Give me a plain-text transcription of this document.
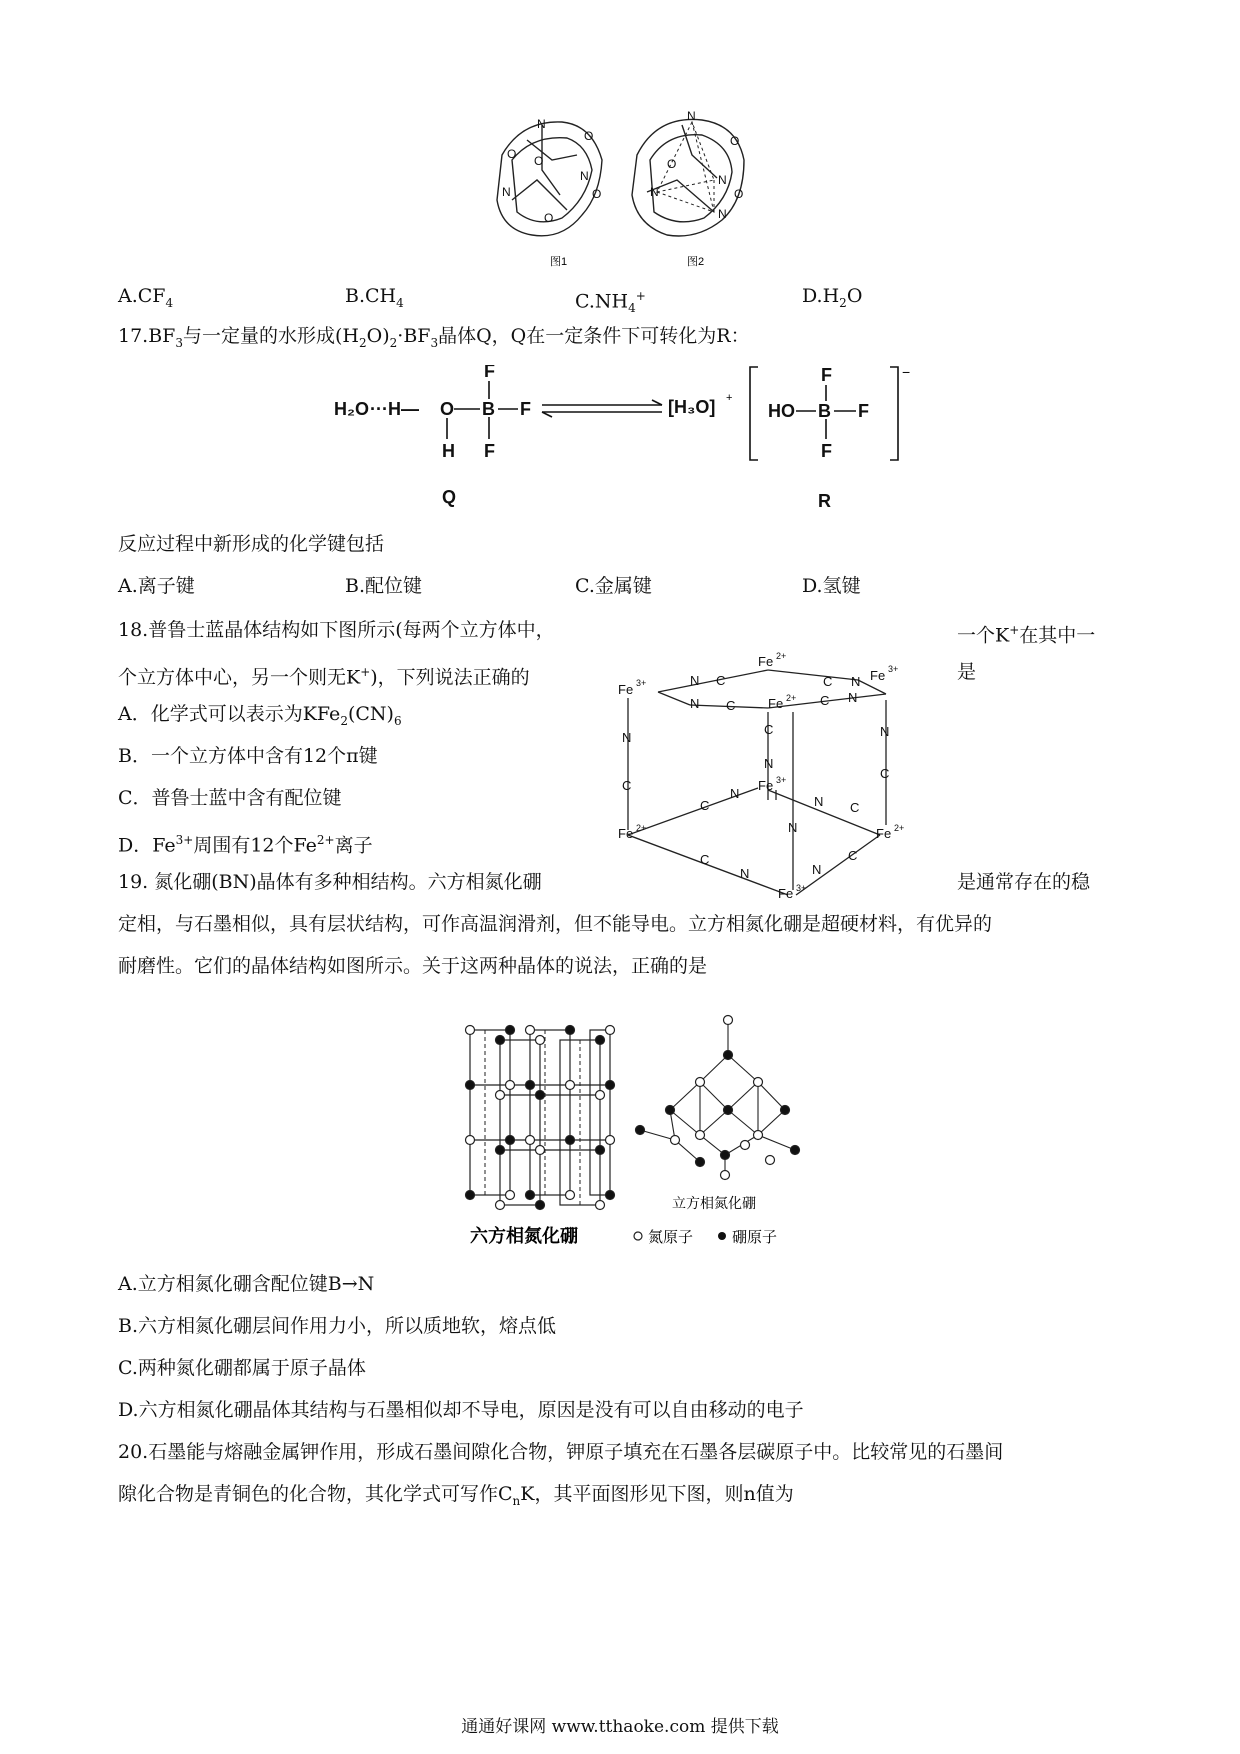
N
O
O
N
O
N
O
O
N
O
O
N
N
N
O
图1	图2
$A.CF_4$	$B.CH_4$	$C.NH_4^+$	$D.H_2O$
$17.BF_3$与一定量的水形成$(H_2O)_2\cdot BF_3$晶体Q，Q在一定条件下可转化为R：
H₂O ···H— O B
F
F
F
H
Q
[H₃O]	HO B
F
F
F
R
+
−
反应过程中新形成的化学键包括
A.离子键	B.配位键	C.金属键	D.氢键
18.普鲁士蓝晶体结构如下图所示(每两个立方体中，	一个K+在其中一
个立方体中心，另一个则无K+)，下列说法正确的	是
A．化学式可以表示为$KFe_2(CN)_6$
B．一个立方体中含有12个π键
C．普鲁士蓝中含有配位键
D．$Fe^{3+}$周围有12个$Fe^{2+}$离子
Fe 2+
Fe 3+
Fe 3+
Fe 2+
Fe 3+
Fe 2+	Fe 2+
Fe 3+
N C	C N
N C	C N
N
C
N
C
C
N
N
C
N
N C
C
N	N
C
19. 氮化硼(BN)晶体有多种相结构。六方相氮化硼	是通常存在的稳
定相，与石墨相似，具有层状结构，可作高温润滑剂，但不能导电。立方相氮化硼是超硬材料，有优异的
耐磨性。它们的晶体结构如图所示。关于这两种晶体的说法，正确的是
立方相氮化硼
六方相氮化硼	氮原子	硼原子
A.立方相氮化硼含配位键B→N
B.六方相氮化硼层间作用力小，所以质地软，熔点低
C.两种氮化硼都属于原子晶体
D.六方相氮化硼晶体其结构与石墨相似却不导电，原因是没有可以自由移动的电子
20.石墨能与熔融金属钾作用，形成石墨间隙化合物，钾原子填充在石墨各层碳原子中。比较常见的石墨间
隙化合物是青铜色的化合物，其化学式可写作$C_nK$，其平面图形见下图，则n值为
通通好课网 www.tthaoke.com 提供下载
